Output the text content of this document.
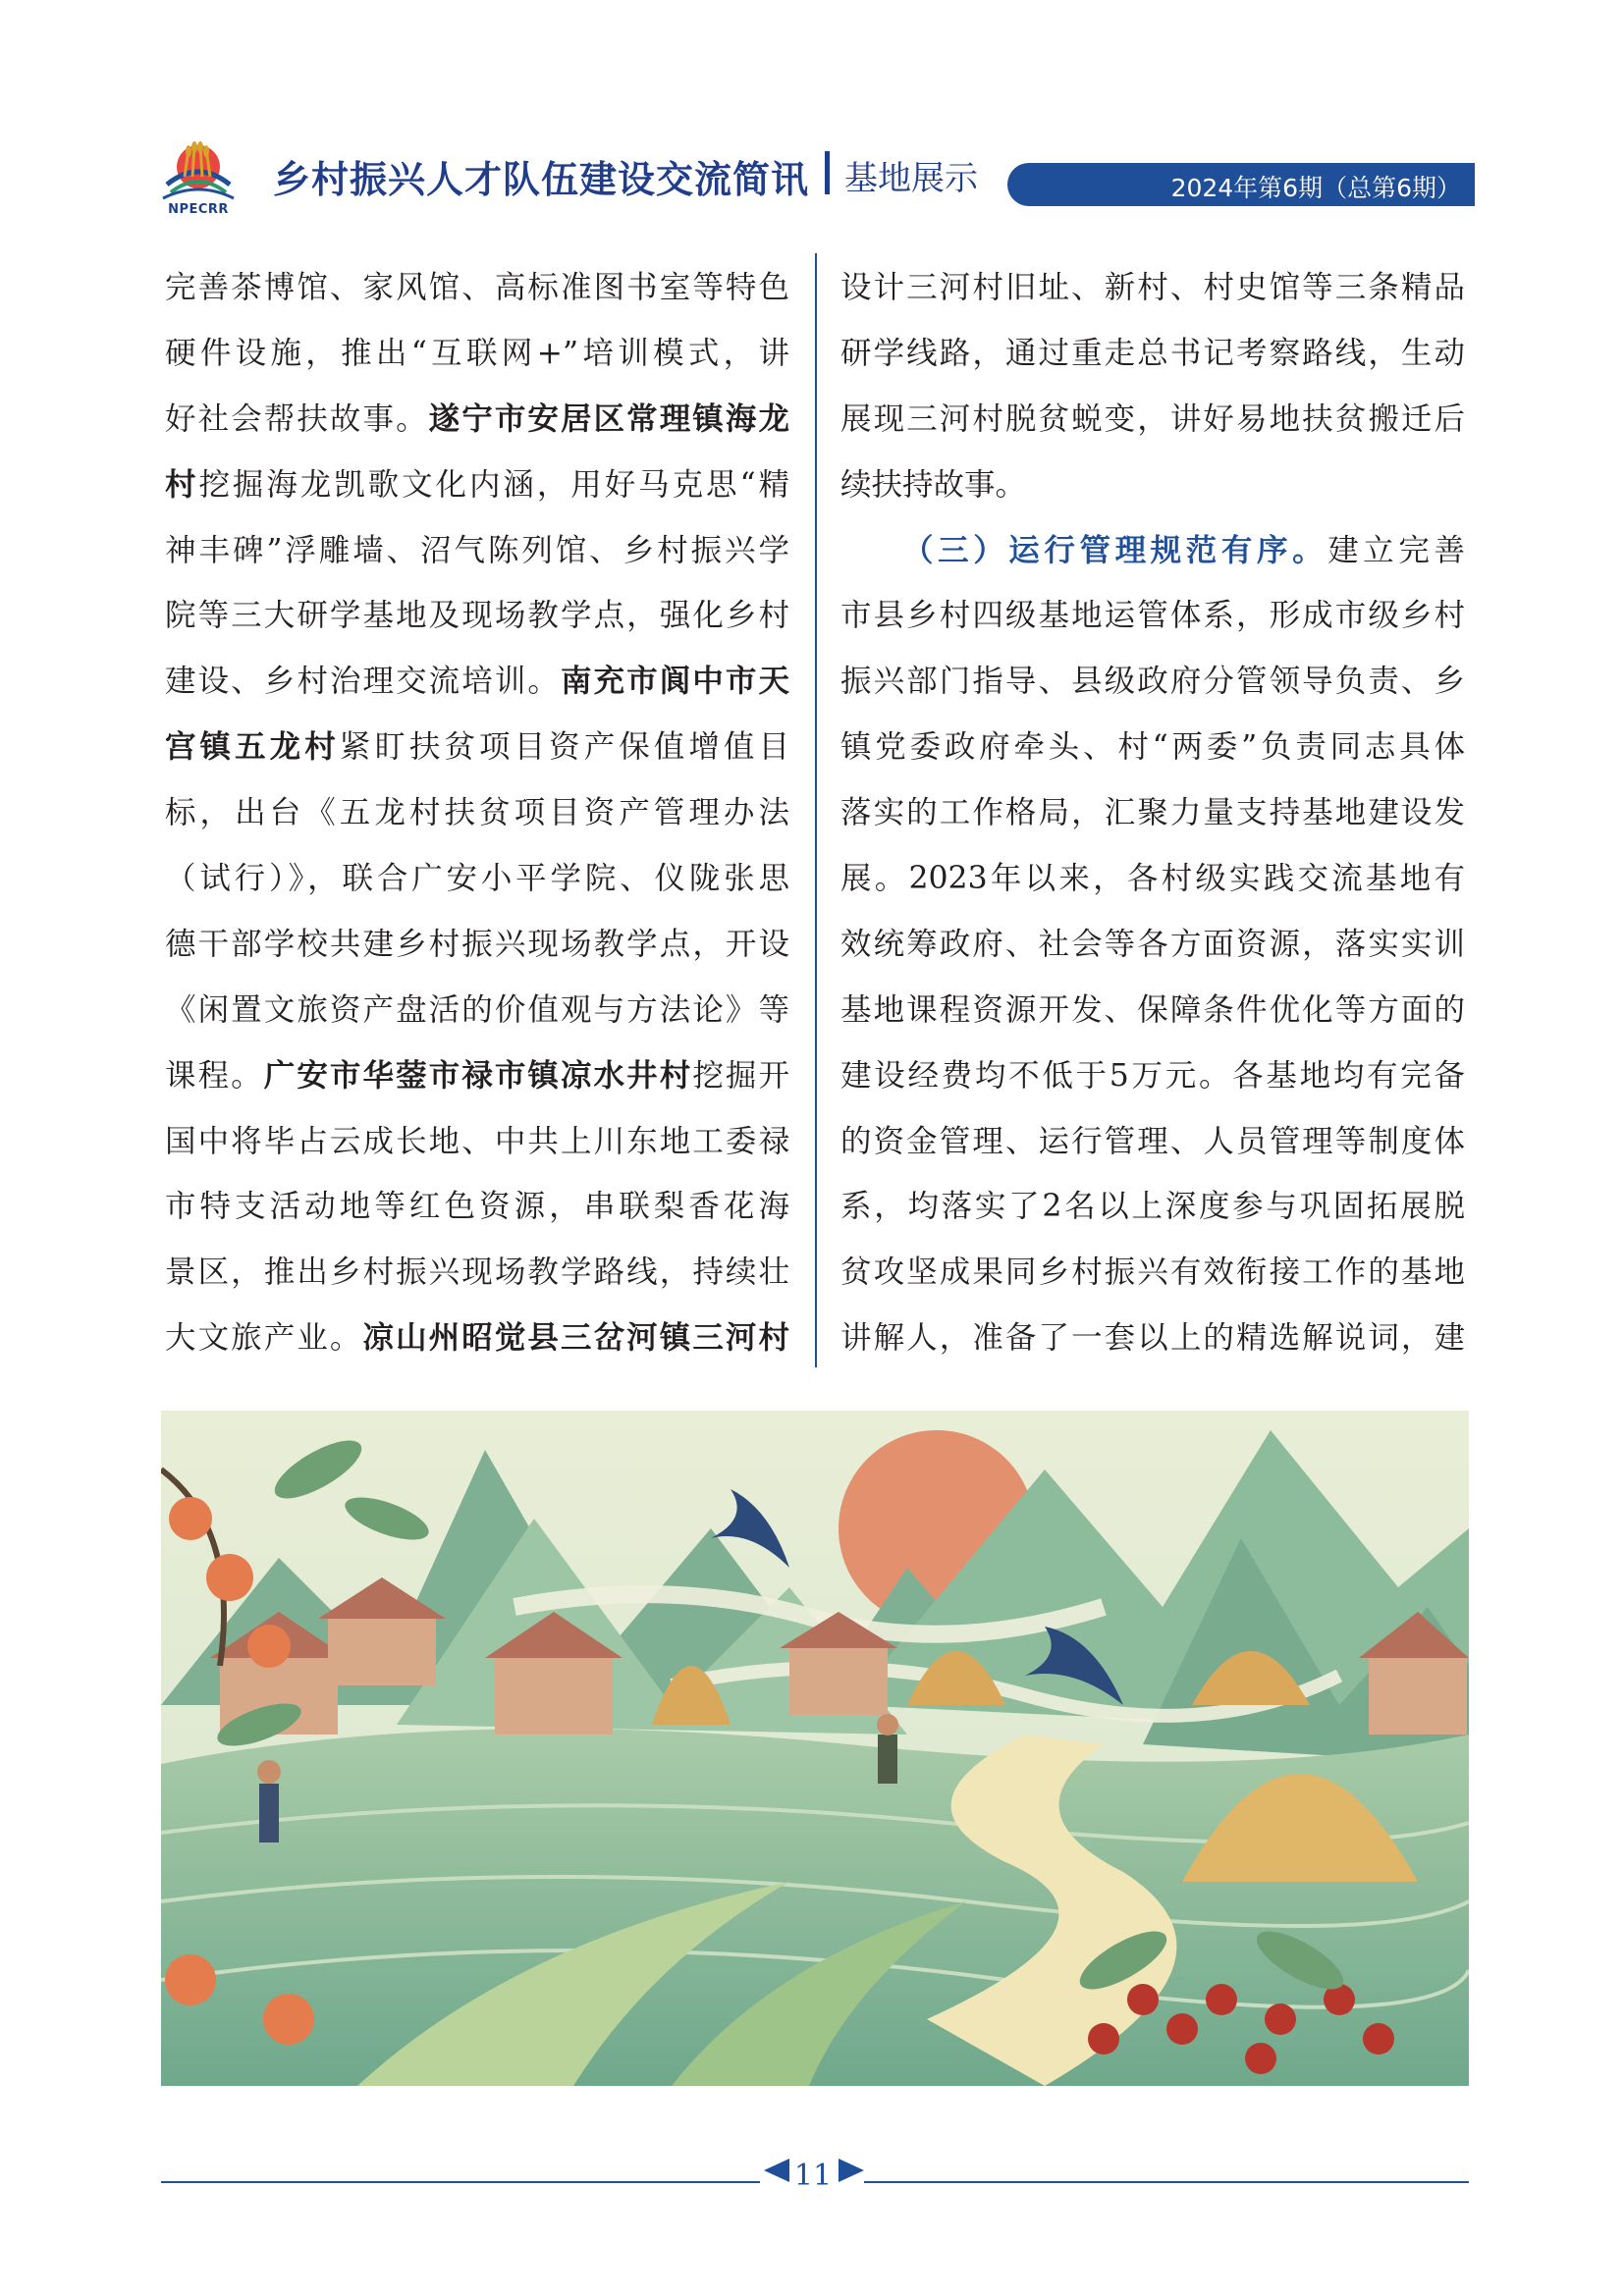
NPECRR
乡村振兴人才队伍建设交流简讯 基地展示	2024年第6期（总第6期）
完善茶博馆、家风馆、高标准图书室等特色
硬件设施，推出“互联网+”培训模式，讲
好社会帮扶故事。遂宁市安居区常理镇海龙
村挖掘海龙凯歌文化内涵，用好马克思“精
神丰碑”浮雕墙、沼气陈列馆、乡村振兴学
院等三大研学基地及现场教学点，强化乡村
建设、乡村治理交流培训。南充市阆中市天
宫镇五龙村紧盯扶贫项目资产保值增值目
标，出台《五龙村扶贫项目资产管理办法
（试行）》，联合广安小平学院、仪陇张思
德干部学校共建乡村振兴现场教学点，开设
《闲置文旅资产盘活的价值观与方法论》等
课程。广安市华蓥市禄市镇凉水井村挖掘开
国中将毕占云成长地、中共上川东地工委禄
市特支活动地等红色资源，串联梨香花海
景区，推出乡村振兴现场教学路线，持续壮
大文旅产业。凉山州昭觉县三岔河镇三河村
设计三河村旧址、新村、村史馆等三条精品
研学线路，通过重走总书记考察路线，生动
展现三河村脱贫蜕变，讲好易地扶贫搬迁后
续扶持故事。
（三）运行管理规范有序。建立完善
市县乡村四级基地运管体系，形成市级乡村
振兴部门指导、县级政府分管领导负责、乡
镇党委政府牵头、村“两委”负责同志具体
落实的工作格局，汇聚力量支持基地建设发
展。2023年以来，各村级实践交流基地有
效统筹政府、社会等各方面资源，落实实训
基地课程资源开发、保障条件优化等方面的
建设经费均不低于5万元。各基地均有完备
的资金管理、运行管理、人员管理等制度体
系，均落实了2名以上深度参与巩固拓展脱
贫攻坚成果同乡村振兴有效衔接工作的基地
讲解人，准备了一套以上的精选解说词，建
11
